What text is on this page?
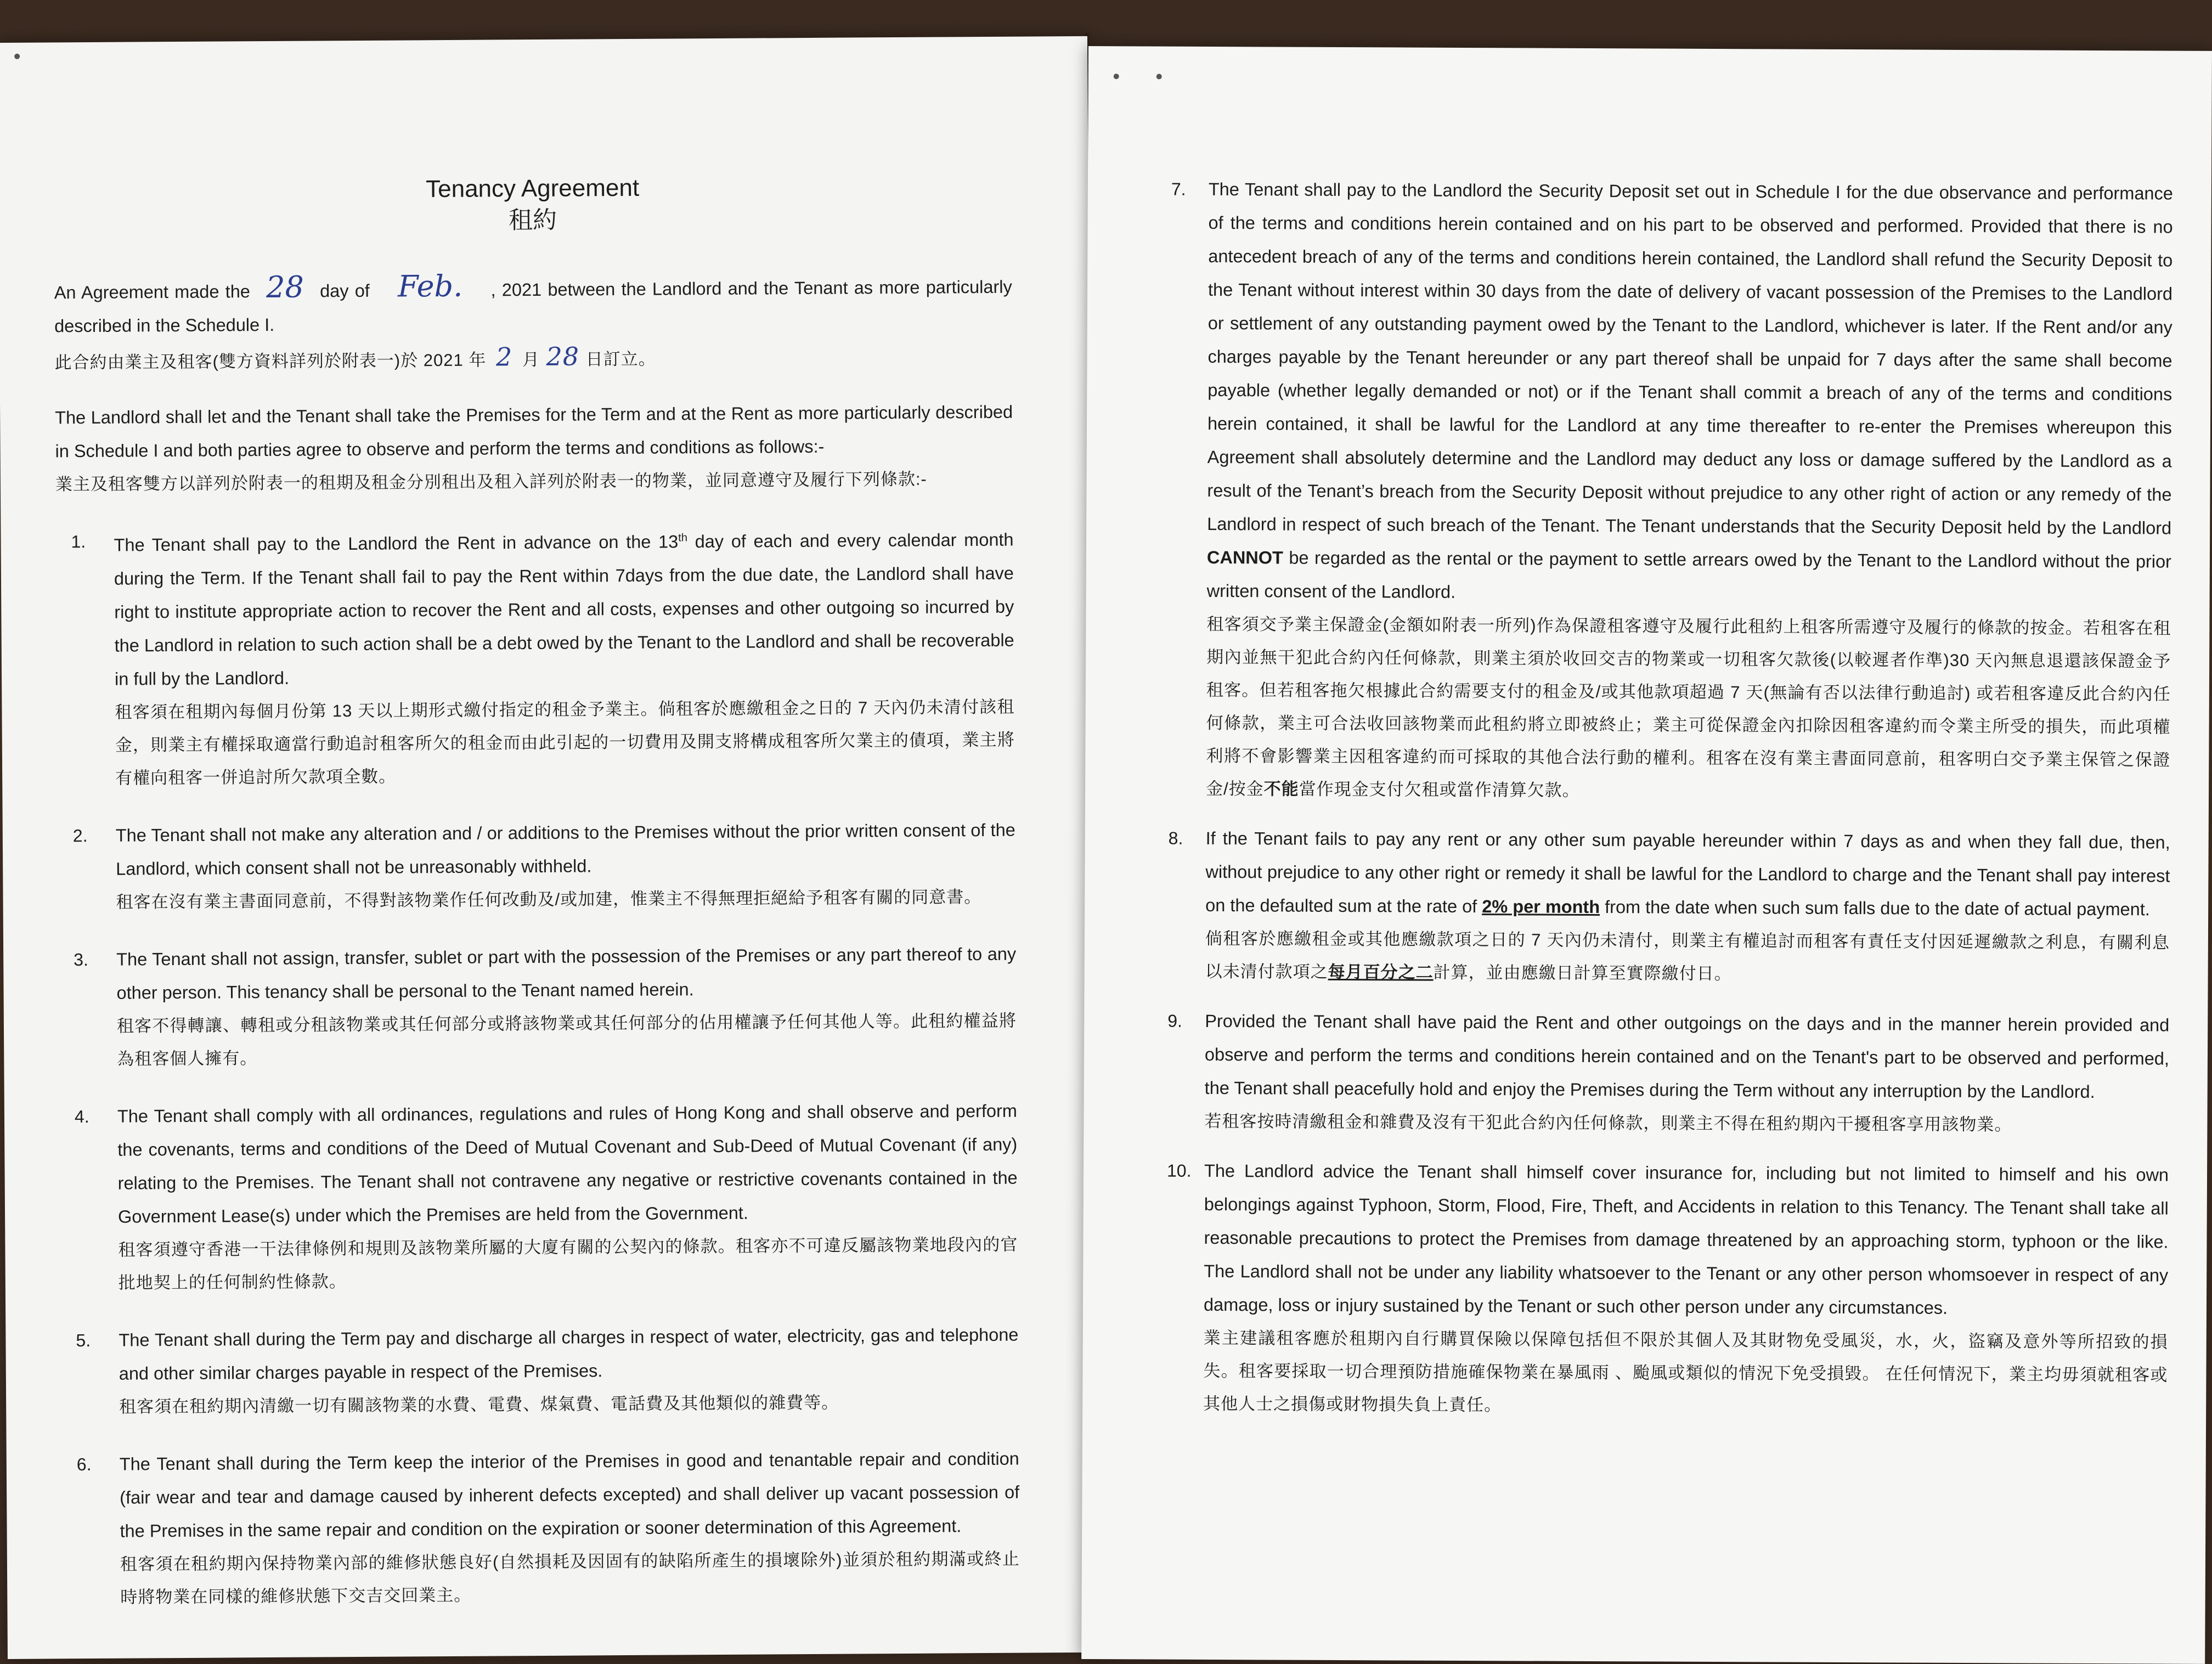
Tenancy Agreement
租約

An Agreement made the 28 day of Feb. , 2021 between the Landlord and the Tenant as more particularly described in the Schedule I.

此合約由業主及租客(雙方資料詳列於附表一)於 2021 年 2 月 28 日訂立。

The Landlord shall let and the Tenant shall take the Premises for the Term and at the Rent as more particularly described in Schedule I and both parties agree to observe and perform the terms and conditions as follows:-

業主及租客雙方以詳列於附表一的租期及租金分別租出及租入詳列於附表一的物業，並同意遵守及履行下列條款:-

1. The Tenant shall pay to the Landlord the Rent in advance on the 13th day of each and every calendar month during the Term. If the Tenant shall fail to pay the Rent within 7days from the due date, the Landlord shall have right to institute appropriate action to recover the Rent and all costs, expenses and other outgoing so incurred by the Landlord in relation to such action shall be a debt owed by the Tenant to the Landlord and shall be recoverable in full by the Landlord.

租客須在租期內每個月份第 13 天以上期形式繳付指定的租金予業主。倘租客於應繳租金之日的 7 天內仍未清付該租金，則業主有權採取適當行動追討租客所欠的租金而由此引起的一切費用及開支將構成租客所欠業主的債項，業主將有權向租客一併追討所欠款項全數。

2. The Tenant shall not make any alteration and / or additions to the Premises without the prior written consent of the Landlord, which consent shall not be unreasonably withheld.

租客在沒有業主書面同意前，不得對該物業作任何改動及/或加建，惟業主不得無理拒絕給予租客有關的同意書。

3. The Tenant shall not assign, transfer, sublet or part with the possession of the Premises or any part thereof to any other person. This tenancy shall be personal to the Tenant named herein.

租客不得轉讓、轉租或分租該物業或其任何部分或將該物業或其任何部分的佔用權讓予任何其他人等。此租約權益將為租客個人擁有。

4. The Tenant shall comply with all ordinances, regulations and rules of Hong Kong and shall observe and perform the covenants, terms and conditions of the Deed of Mutual Covenant and Sub-Deed of Mutual Covenant (if any) relating to the Premises. The Tenant shall not contravene any negative or restrictive covenants contained in the Government Lease(s) under which the Premises are held from the Government.

租客須遵守香港一干法律條例和規則及該物業所屬的大廈有關的公契內的條款。租客亦不可違反屬該物業地段內的官批地契上的任何制約性條款。

5. The Tenant shall during the Term pay and discharge all charges in respect of water, electricity, gas and telephone and other similar charges payable in respect of the Premises.

租客須在租約期內清繳一切有關該物業的水費、電費、煤氣費、電話費及其他類似的雜費等。

6. The Tenant shall during the Term keep the interior of the Premises in good and tenantable repair and condition (fair wear and tear and damage caused by inherent defects excepted) and shall deliver up vacant possession of the Premises in the same repair and condition on the expiration or sooner determination of this Agreement.

租客須在租約期內保持物業內部的維修狀態良好(自然損耗及因固有的缺陷所產生的損壞除外)並須於租約期滿或終止時將物業在同樣的維修狀態下交吉交回業主。

7. The Tenant shall pay to the Landlord the Security Deposit set out in Schedule I for the due observance and performance of the terms and conditions herein contained and on his part to be observed and performed. Provided that there is no antecedent breach of any of the terms and conditions herein contained, the Landlord shall refund the Security Deposit to the Tenant without interest within 30 days from the date of delivery of vacant possession of the Premises to the Landlord or settlement of any outstanding payment owed by the Tenant to the Landlord, whichever is later. If the Rent and/or any charges payable by the Tenant hereunder or any part thereof shall be unpaid for 7 days after the same shall become payable (whether legally demanded or not) or if the Tenant shall commit a breach of any of the terms and conditions herein contained, it shall be lawful for the Landlord at any time thereafter to re-enter the Premises whereupon this Agreement shall absolutely determine and the Landlord may deduct any loss or damage suffered by the Landlord as a result of the Tenant’s breach from the Security Deposit without prejudice to any other right of action or any remedy of the Landlord in respect of such breach of the Tenant. The Tenant understands that the Security Deposit held by the Landlord CANNOT be regarded as the rental or the payment to settle arrears owed by the Tenant to the Landlord without the prior written consent of the Landlord.

租客須交予業主保證金(金額如附表一所列)作為保證租客遵守及履行此租約上租客所需遵守及履行的條款的按金。若租客在租期內並無干犯此合約內任何條款，則業主須於收回交吉的物業或一切租客欠款後(以較遲者作準)30 天內無息退還該保證金予租客。但若租客拖欠根據此合約需要支付的租金及/或其他款項超過 7 天(無論有否以法律行動追討) 或若租客違反此合約內任何條款，業主可合法收回該物業而此租約將立即被終止；業主可從保證金內扣除因租客違約而令業主所受的損失，而此項權利將不會影響業主因租客違約而可採取的其他合法行動的權利。租客在沒有業主書面同意前，租客明白交予業主保管之保證金/按金不能當作現金支付欠租或當作清算欠款。

8. If the Tenant fails to pay any rent or any other sum payable hereunder within 7 days as and when they fall due, then, without prejudice to any other right or remedy it shall be lawful for the Landlord to charge and the Tenant shall pay interest on the defaulted sum at the rate of 2% per month from the date when such sum falls due to the date of actual payment.

倘租客於應繳租金或其他應繳款項之日的 7 天內仍未清付，則業主有權追討而租客有責任支付因延遲繳款之利息，有關利息以未清付款項之每月百分之二計算，並由應繳日計算至實際繳付日。

9. Provided the Tenant shall have paid the Rent and other outgoings on the days and in the manner herein provided and observe and perform the terms and conditions herein contained and on the Tenant's part to be observed and performed, the Tenant shall peacefully hold and enjoy the Premises during the Term without any interruption by the Landlord.

若租客按時清繳租金和雜費及沒有干犯此合約內任何條款，則業主不得在租約期內干擾租客享用該物業。

10. The Landlord advice the Tenant shall himself cover insurance for, including but not limited to himself and his own belongings against Typhoon, Storm, Flood, Fire, Theft, and Accidents in relation to this Tenancy. The Tenant shall take all reasonable precautions to protect the Premises from damage threatened by an approaching storm, typhoon or the like. The Landlord shall not be under any liability whatsoever to the Tenant or any other person whomsoever in respect of any damage, loss or injury sustained by the Tenant or such other person under any circumstances.

業主建議租客應於租期內自行購買保險以保障包括但不限於其個人及其財物免受風災，水，火，盜竊及意外等所招致的損失。租客要採取一切合理預防措施確保物業在暴風雨 、颱風或類似的情況下免受損毀。 在任何情況下，業主均毋須就租客或其他人士之損傷或財物損失負上責任。
